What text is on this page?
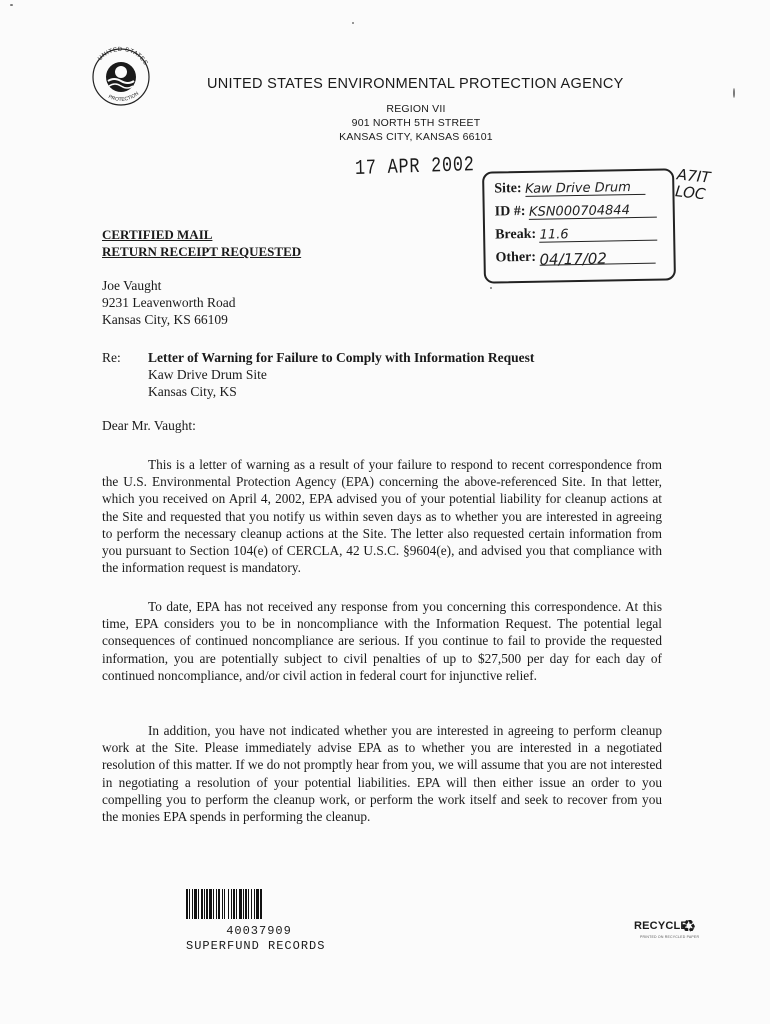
UNITED STATES
PROTECTION
UNITED STATES ENVIRONMENTAL PROTECTION AGENCY
REGION VII
901 NORTH 5TH STREET
KANSAS CITY, KANSAS 66101
17 APR 2002
Site: Kaw Drive Drum
ID #: KSN000704844
Break: 11.6
Other: 04/17/02
A7IT
LOC
CERTIFIED MAIL
RETURN RECEIPT REQUESTED
Joe Vaught
9231 Leavenworth Road
Kansas City, KS 66109
Re: Letter of Warning for Failure to Comply with Information Request
Kaw Drive Drum Site
Kansas City, KS
Dear Mr. Vaught:

This is a letter of warning as a result of your failure to respond to recent correspondence from the U.S. Environmental Protection Agency (EPA) concerning the above-referenced Site. In that letter, which you received on April 4, 2002, EPA advised you of your potential liability for cleanup actions at the Site and requested that you notify us within seven days as to whether you are interested in agreeing to perform the necessary cleanup actions at the Site. The letter also requested certain information from you pursuant to Section 104(e) of CERCLA, 42 U.S.C. §9604(e), and advised you that compliance with the information request is mandatory.

To date, EPA has not received any response from you concerning this correspondence. At this time, EPA considers you to be in noncompliance with the Information Request. The potential legal consequences of continued noncompliance are serious. If you continue to fail to provide the requested information, you are potentially subject to civil penalties of up to $27,500 per day for each day of continued noncompliance, and/or civil action in federal court for injunctive relief.

In addition, you have not indicated whether you are interested in agreeing to perform cleanup work at the Site. Please immediately advise EPA as to whether you are interested in a negotiated resolution of this matter. If we do not promptly hear from you, we will assume that you are not interested in negotiating a resolution of your potential liabilities. EPA will then either issue an order to you compelling you to perform the cleanup work, or perform the work itself and seek to recover from you the monies EPA spends in performing the cleanup.

40037909
SUPERFUND RECORDS
RECYCLE
♻
PRINTED ON RECYCLED PAPER
